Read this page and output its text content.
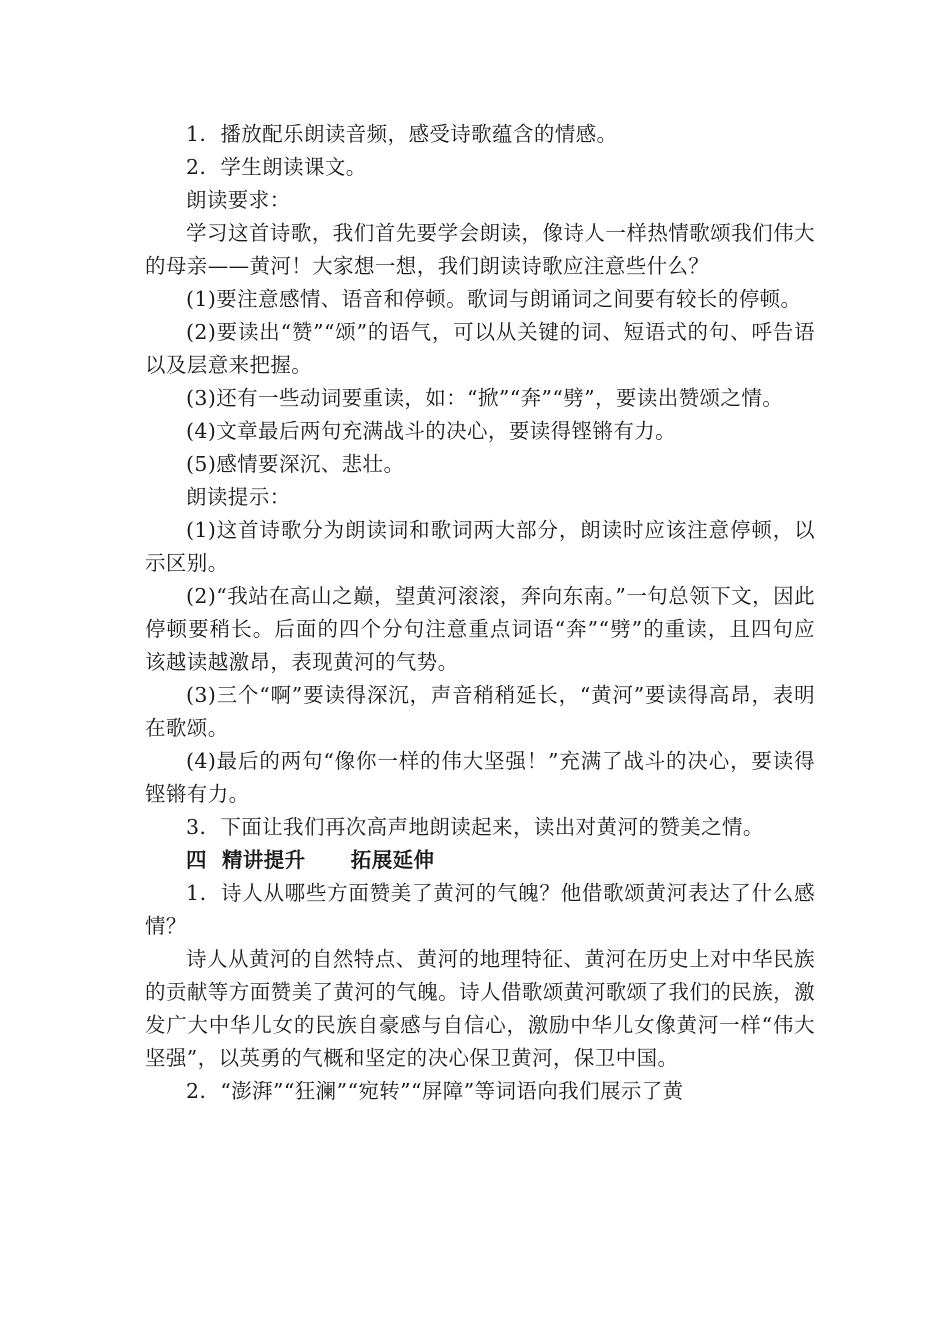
1．播放配乐朗读音频，感受诗歌蕴含的情感。

2．学生朗读课文。

朗读要求：

学习这首诗歌，我们首先要学会朗读，像诗人一样热情歌颂我们伟大的母亲——黄河！大家想一想，我们朗读诗歌应注意些什么？

(1)要注意感情、语音和停顿。歌词与朗诵词之间要有较长的停顿。

(2)要读出“赞”“颂”的语气，可以从关键的词、短语式的句、呼告语以及层意来把握。

(3)还有一些动词要重读，如：“掀”“奔”“劈”，要读出赞颂之情。

(4)文章最后两句充满战斗的决心，要读得铿锵有力。

(5)感情要深沉、悲壮。

朗读提示：

(1)这首诗歌分为朗读词和歌词两大部分，朗读时应该注意停顿，以示区别。

(2)“我站在高山之巅，望黄河滚滚，奔向东南。”一句总领下文，因此停顿要稍长。后面的四个分句注意重点词语“奔”“劈”的重读，且四句应该越读越激昂，表现黄河的气势。

(3)三个“啊”要读得深沉，声音稍稍延长，“黄河”要读得高昂，表明在歌颂。

(4)最后的两句“像你一样的伟大坚强！”充满了战斗的决心，要读得铿锵有力。

3．下面让我们再次高声地朗读起来，读出对黄河的赞美之情。

四  精讲提升      拓展延伸

1．诗人从哪些方面赞美了黄河的气魄？他借歌颂黄河表达了什么感情？

诗人从黄河的自然特点、黄河的地理特征、黄河在历史上对中华民族的贡献等方面赞美了黄河的气魄。诗人借歌颂黄河歌颂了我们的民族，激发广大中华儿女的民族自豪感与自信心，激励中华儿女像黄河一样“伟大坚强”，以英勇的气概和坚定的决心保卫黄河，保卫中国。

2．“澎湃”“狂澜”“宛转”“屏障”等词语向我们展示了黄
